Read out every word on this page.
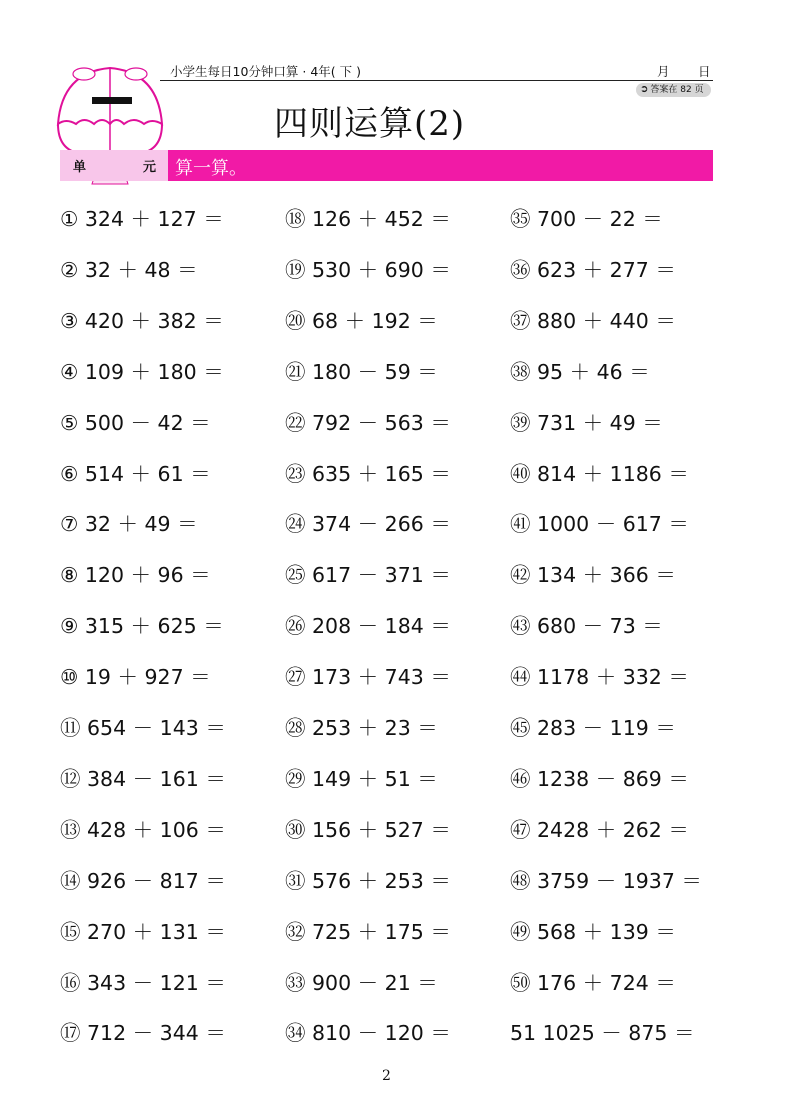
小学生每日10分钟口算 · 4年( 下 )	月 日
➲ 答案在 82 页
四则运算(2)
单	元 算一算。
① 324 ＋ 127 ＝
② 32 ＋ 48 ＝
③ 420 ＋ 382 ＝
④ 109 ＋ 180 ＝
⑤ 500 － 42 ＝
⑥ 514 ＋ 61 ＝
⑦ 32 ＋ 49 ＝
⑧ 120 ＋ 96 ＝
⑨ 315 ＋ 625 ＝
⑩ 19 ＋ 927 ＝
⑪ 654 － 143 ＝
⑫ 384 － 161 ＝
⑬ 428 ＋ 106 ＝
⑭ 926 － 817 ＝
⑮ 270 ＋ 131 ＝
⑯ 343 － 121 ＝
⑰ 712 － 344 ＝
⑱ 126 ＋ 452 ＝
⑲ 530 ＋ 690 ＝
⑳ 68 ＋ 192 ＝
㉑ 180 － 59 ＝
㉒ 792 － 563 ＝
㉓ 635 ＋ 165 ＝
㉔ 374 － 266 ＝
㉕ 617 － 371 ＝
㉖ 208 － 184 ＝
㉗ 173 ＋ 743 ＝
㉘ 253 ＋ 23 ＝
㉙ 149 ＋ 51 ＝
㉚ 156 ＋ 527 ＝
㉛ 576 ＋ 253 ＝
㉜ 725 ＋ 175 ＝
㉝ 900 － 21 ＝
㉞ 810 － 120 ＝
㉟ 700 － 22 ＝
㊱ 623 ＋ 277 ＝
㊲ 880 ＋ 440 ＝
㊳ 95 ＋ 46 ＝
㊴ 731 ＋ 49 ＝
㊵ 814 ＋ 1186 ＝
㊶ 1000 － 617 ＝
㊷ 134 ＋ 366 ＝
㊸ 680 － 73 ＝
㊹ 1178 ＋ 332 ＝
㊺ 283 － 119 ＝
㊻ 1238 － 869 ＝
㊼ 2428 ＋ 262 ＝
㊽ 3759 － 1937 ＝
㊾ 568 ＋ 139 ＝
㊿ 176 ＋ 724 ＝
51 1025 － 875 ＝
2
